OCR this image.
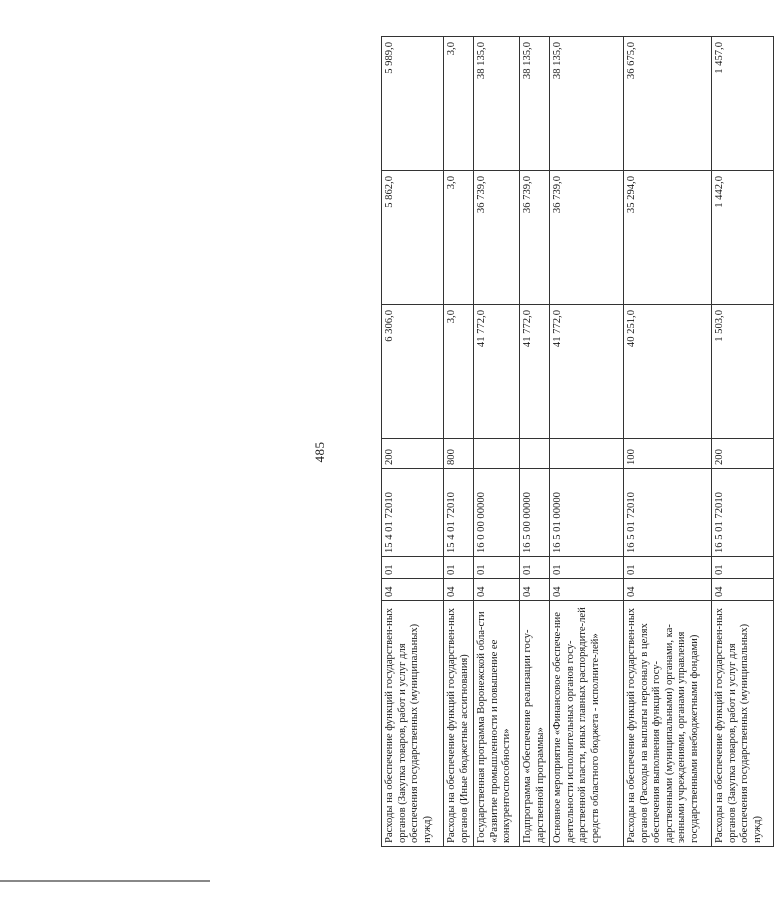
485
Расходы на обеспечение функций государствен-ных органов (Закупка товаров, работ и услуг для обеспечения государственных (муниципальных) нужд)	04	01	15 4 01 72010	200	6 306,0	5 862,0	5 989,0
Расходы на обеспечение функций государствен-ных органов (Иные бюджетные ассигнования)	04	01	15 4 01 72010	800	3,0	3,0	3,0
Государственная программа Воронежской обла-сти «Развитие промышленности и повышение ее конкурентоспособности»	04	01	16 0 00 00000		41 772,0	36 739,0	38 135,0
Подпрограмма «Обеспечение реализации госу-дарственной программы»	04	01	16 5 00 00000		41 772,0	36 739,0	38 135,0
Основное мероприятие «Финансовое обеспече-ние деятельности исполнительных органов госу-дарственной власти, иных главных распорядите-лей средств областного бюджета - исполните-лей»	04	01	16 5 01 00000		41 772,0	36 739,0	38 135,0
Расходы на обеспечение функций государствен-ных органов (Расходы на выплаты персоналу в целях обеспечения выполнения функций госу-дарственными (муниципальными) органами, ка-зенными учреждениями, органами управления государственными внебюджетными фондами)	04	01	16 5 01 72010	100	40 251,0	35 294,0	36 675,0
Расходы на обеспечение функций государствен-ных органов (Закупка товаров, работ и услуг для обеспечения государственных (муниципальных) нужд)	04	01	16 5 01 72010	200	1 503,0	1 442,0	1 457,0
